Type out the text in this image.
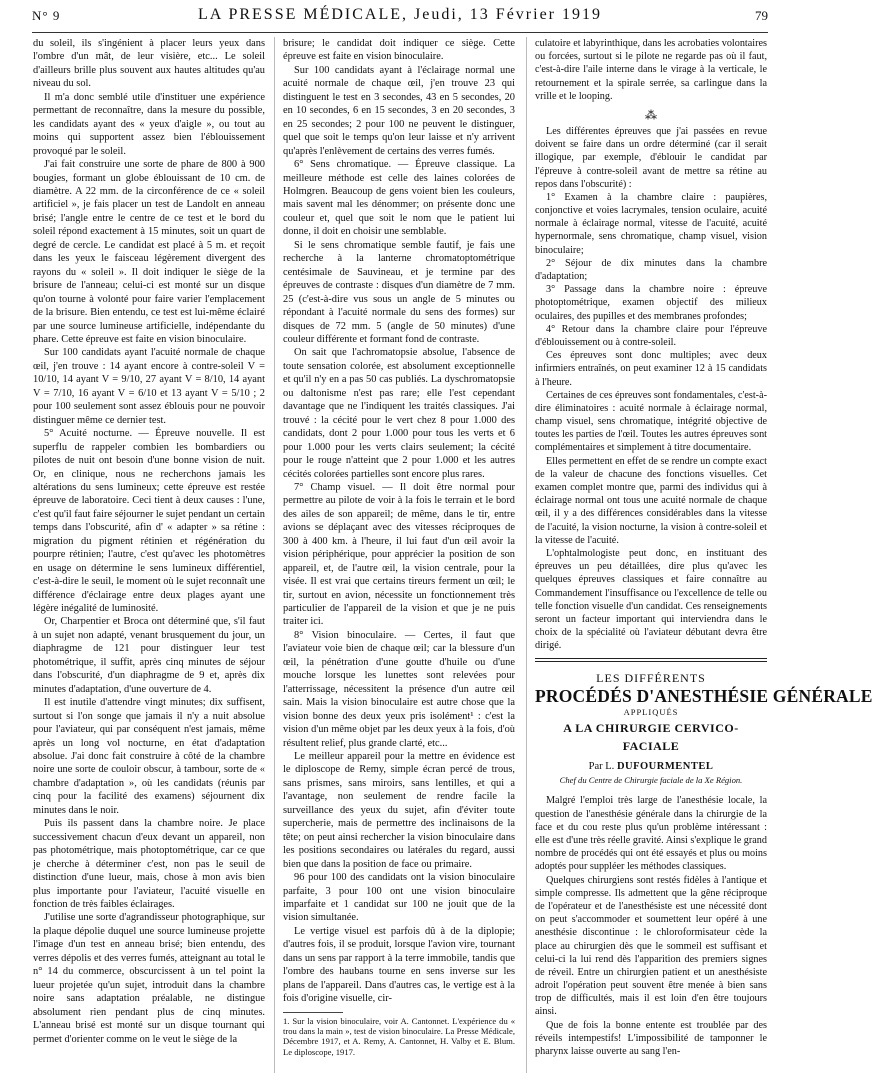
N° 9	LA PRESSE MÉDICALE, Jeudi, 13 Février 1919	79

du soleil, ils s'ingénient à placer leurs yeux dans l'ombre d'un mât, de leur visière, etc... Le soleil d'ailleurs brille plus souvent aux hautes altitudes qu'au niveau du sol.

Il m'a donc semblé utile d'instituer une expérience permettant de reconnaître, dans la mesure du possible, les candidats ayant des « yeux d'aigle », ou tout au moins qui supportent assez bien l'éblouissement provoqué par le soleil.

J'ai fait construire une sorte de phare de 800 à 900 bougies, formant un globe éblouissant de 10 cm. de diamètre. A 22 mm. de la circonférence de ce « soleil artificiel », je fais placer un test de Landolt en anneau brisé; l'angle entre le centre de ce test et le bord du soleil répond exactement à 15 minutes, soit un quart de degré de cercle. Le candidat est placé à 5 m. et reçoit dans les yeux le faisceau légèrement divergent des rayons du « soleil ». Il doit indiquer le siège de la brisure de l'anneau; celui-ci est monté sur un disque qu'on tourne à volonté pour faire varier l'emplacement de la brisure. Bien entendu, ce test est lui-même éclairé par une source lumineuse artificielle, indépendante du phare. Cette épreuve est faite en vision binoculaire.

Sur 100 candidats ayant l'acuité normale de chaque œil, j'en trouve : 14 ayant encore à contre-soleil V = 10/10, 14 ayant V = 9/10, 27 ayant V = 8/10, 14 ayant V = 7/10, 16 ayant V = 6/10 et 13 ayant V = 5/10 ; 2 pour 100 seulement sont assez éblouis pour ne pouvoir distinguer même ce dernier test.

5° Acuité nocturne. — Épreuve nouvelle. Il est superflu de rappeler combien les bombardiers ou pilotes de nuit ont besoin d'une bonne vision de nuit. Or, en clinique, nous ne recherchons jamais les altérations du sens lumineux; cette épreuve est restée épreuve de laboratoire. Ceci tient à deux causes : l'une, c'est qu'il faut faire séjourner le sujet pendant un certain temps dans l'obscurité, afin d' « adapter » sa rétine : migration du pigment rétinien et régénération du pourpre rétinien; l'autre, c'est qu'avec les photomètres en usage on détermine le sens lumineux différentiel, c'est-à-dire le seuil, le moment où le sujet reconnaît une différence d'éclairage entre deux plages ayant une légère inégalité de luminosité.

Or, Charpentier et Broca ont déterminé que, s'il faut à un sujet non adapté, venant brusquement du jour, un diaphragme de 121 pour distinguer leur test photométrique, il suffit, après cinq minutes de séjour dans l'obscurité, d'un diaphragme de 9 et, après dix minutes d'adaptation, d'une ouverture de 4.

Il est inutile d'attendre vingt minutes; dix suffisent, surtout si l'on songe que jamais il n'y a nuit absolue pour l'aviateur, qui par conséquent n'est jamais, même après un long vol nocturne, en état d'adaptation absolue. J'ai donc fait construire à côté de la chambre noire une sorte de couloir obscur, à tambour, sorte de « chambre d'adaptation », où les candidats (réunis par cinq pour la facilité des examens) séjournent dix minutes dans le noir.

Puis ils passent dans la chambre noire. Je place successivement chacun d'eux devant un appareil, non pas photométrique, mais photoptométrique, car ce que je cherche à déterminer c'est, non pas le seuil de distinction d'une lueur, mais, chose à mon avis bien plus importante pour l'aviateur, l'acuité visuelle en fonction de très faibles éclairages.

J'utilise une sorte d'agrandisseur photographique, sur la plaque dépolie duquel une source lumineuse projette l'image d'un test en anneau brisé; bien entendu, des verres dépolis et des verres fumés, atteignant au total le n° 14 du commerce, obscurcissent à un tel point la lueur projetée qu'un sujet, introduit dans la chambre noire sans adaptation préalable, ne distingue absolument rien pendant plus de cinq minutes. L'anneau brisé est monté sur un disque tournant qui permet d'orienter comme on le veut le siège de la

brisure; le candidat doit indiquer ce siège. Cette épreuve est faite en vision binoculaire.

Sur 100 candidats ayant à l'éclairage normal une acuité normale de chaque œil, j'en trouve 23 qui distinguent le test en 3 secondes, 43 en 5 secondes, 20 en 10 secondes, 6 en 15 secondes, 3 en 20 secondes, 3 en 25 secondes; 2 pour 100 ne peuvent le distinguer, quel que soit le temps qu'on leur laisse et n'y arrivent qu'après l'enlèvement de certains des verres fumés.

6° Sens chromatique. — Épreuve classique. La meilleure méthode est celle des laines colorées de Holmgren. Beaucoup de gens voient bien les couleurs, mais savent mal les dénommer; on présente donc une couleur et, quel que soit le nom que le patient lui donne, il doit en choisir une semblable.

Si le sens chromatique semble fautif, je fais une recherche à la lanterne chromatoptométrique centésimale de Sauvineau, et je termine par des épreuves de contraste : disques d'un diamètre de 7 mm. 25 (c'est-à-dire vus sous un angle de 5 minutes ou répondant à l'acuité normale du sens des formes) sur disques de 72 mm. 5 (angle de 50 minutes) d'une couleur différente et formant fond de contraste.

On sait que l'achromatopsie absolue, l'absence de toute sensation colorée, est absolument exceptionnelle et qu'il n'y en a pas 50 cas publiés. La dyschromatopsie ou daltonisme n'est pas rare; elle l'est cependant davantage que ne l'indiquent les traités classiques. J'ai trouvé : la cécité pour le vert chez 8 pour 1.000 des candidats, dont 2 pour 1.000 pour tous les verts et 6 pour 1.000 pour les verts clairs seulement; la cécité pour le rouge n'atteint que 2 pour 1.000 et les autres cécités colorées partielles sont encore plus rares.

7° Champ visuel. — Il doit être normal pour permettre au pilote de voir à la fois le terrain et le bord des ailes de son appareil; de même, dans le tir, entre avions se déplaçant avec des vitesses réciproques de 300 à 400 km. à l'heure, il lui faut d'un œil avoir la vision périphérique, pour apprécier la position de son appareil, et, de l'autre œil, la vision centrale, pour la visée. Il est vrai que certains tireurs ferment un œil; le tir, surtout en avion, nécessite un fonctionnement très particulier de l'appareil de la vision et que je ne puis traiter ici.

8° Vision binoculaire. — Certes, il faut que l'aviateur voie bien de chaque œil; car la blessure d'un œil, la pénétration d'une goutte d'huile ou d'une mouche lorsque les lunettes sont relevées pour l'atterrissage, nécessitent la présence d'un autre œil sain. Mais la vision binoculaire est autre chose que la vision bonne des deux yeux pris isolément¹ : c'est la vision d'un même objet par les deux yeux à la fois, d'où résultent relief, plus grande clarté, etc...

Le meilleur appareil pour la mettre en évidence est le diploscope de Remy, simple écran percé de trous, sans prismes, sans miroirs, sans lentilles, et qui a l'avantage, non seulement de rendre facile la surveillance des yeux du sujet, afin d'éviter toute supercherie, mais de permettre des inclinaisons de la tête; on peut ainsi rechercher la vision binoculaire dans les positions secondaires ou latérales du regard, aussi bien que dans la position de face ou primaire.

96 pour 100 des candidats ont la vision binoculaire parfaite, 3 pour 100 ont une vision binoculaire imparfaite et 1 candidat sur 100 ne jouit que de la vision simultanée.

Le vertige visuel est parfois dû à de la diplopie; d'autres fois, il se produit, lorsque l'avion vire, tournant dans un sens par rapport à la terre immobile, tandis que l'ombre des haubans tourne en sens inverse sur les plans de l'appareil. Dans d'autres cas, le vertige est à la fois d'origine visuelle, cir-

1. Sur la vision binoculaire, voir A. Cantonnet. L'expérience du « trou dans la main », test de vision binoculaire. La Presse Médicale, Décembre 1917, et A. Remy, A. Cantonnet, H. Valby et E. Blum. Le diploscope, 1917.

culatoire et labyrinthique, dans les acrobaties volontaires ou forcées, surtout si le pilote ne regarde pas où il faut, c'est-à-dire l'aile interne dans le virage à la verticale, le retournement et la spirale serrée, sa carlingue dans la vrille et le looping.

⁂

Les différentes épreuves que j'ai passées en revue doivent se faire dans un ordre déterminé (car il serait illogique, par exemple, d'éblouir le candidat par l'épreuve à contre-soleil avant de mettre sa rétine au repos dans l'obscurité) :

1° Examen à la chambre claire : paupières, conjonctive et voies lacrymales, tension oculaire, acuité normale à éclairage normal, vitesse de l'acuité, acuité hypernormale, sens chromatique, champ visuel, vision binoculaire;

2° Séjour de dix minutes dans la chambre d'adaptation;

3° Passage dans la chambre noire : épreuve photoptométrique, examen objectif des milieux oculaires, des pupilles et des membranes profondes;

4° Retour dans la chambre claire pour l'épreuve d'éblouissement ou à contre-soleil.

Ces épreuves sont donc multiples; avec deux infirmiers entraînés, on peut examiner 12 à 15 candidats à l'heure.

Certaines de ces épreuves sont fondamentales, c'est-à-dire éliminatoires : acuité normale à éclairage normal, champ visuel, sens chromatique, intégrité objective de toutes les parties de l'œil. Toutes les autres épreuves sont complémentaires et simplement à titre documentaire.

Elles permettent en effet de se rendre un compte exact de la valeur de chacune des fonctions visuelles. Cet examen complet montre que, parmi des individus qui à éclairage normal ont tous une acuité normale de chaque œil, il y a des différences considérables dans la vitesse de l'acuité, la vision nocturne, la vision à contre-soleil et la vitesse de l'acuité.

L'ophtalmologiste peut donc, en instituant des épreuves un peu détaillées, dire plus qu'avec les quelques épreuves classiques et faire connaître au Commandement l'insuffisance ou l'excellence de telle ou telle fonction visuelle d'un candidat. Ces renseignements seront un facteur important qui interviendra dans le choix de la spécialité où l'aviateur débutant devra être dirigé.

LES DIFFÉRENTS
PROCÉDÉS D'ANESTHÉSIE GÉNÉRALE
APPLIQUÉS
A LA CHIRURGIE CERVICO-FACIALE
Par L. DUFOURMENTEL
Chef du Centre de Chirurgie faciale de la Xe Région.

Malgré l'emploi très large de l'anesthésie locale, la question de l'anesthésie générale dans la chirurgie de la face et du cou reste plus qu'un problème intéressant : elle est d'une très réelle gravité. Ainsi s'explique le grand nombre de procédés qui ont été essayés et plus ou moins adoptés pour suppléer les méthodes classiques.

Quelques chirurgiens sont restés fidèles à l'antique et simple compresse. Ils admettent que la gêne réciproque de l'opérateur et de l'anesthésiste est une nécessité dont on peut s'accommoder et soumettent leur opéré à une anesthésie discontinue : le chloroformisateur cède la place au chirurgien dès que le sommeil est suffisant et celui-ci la lui rend dès l'apparition des premiers signes de réveil. Entre un chirurgien patient et un anesthésiste adroit l'opération peut souvent être menée à bien sans trop de difficultés, mais il est loin d'en être toujours ainsi.

Que de fois la bonne entente est troublée par des réveils intempestifs! L'impossibilité de tamponner le pharynx laisse ouverte au sang l'en-
